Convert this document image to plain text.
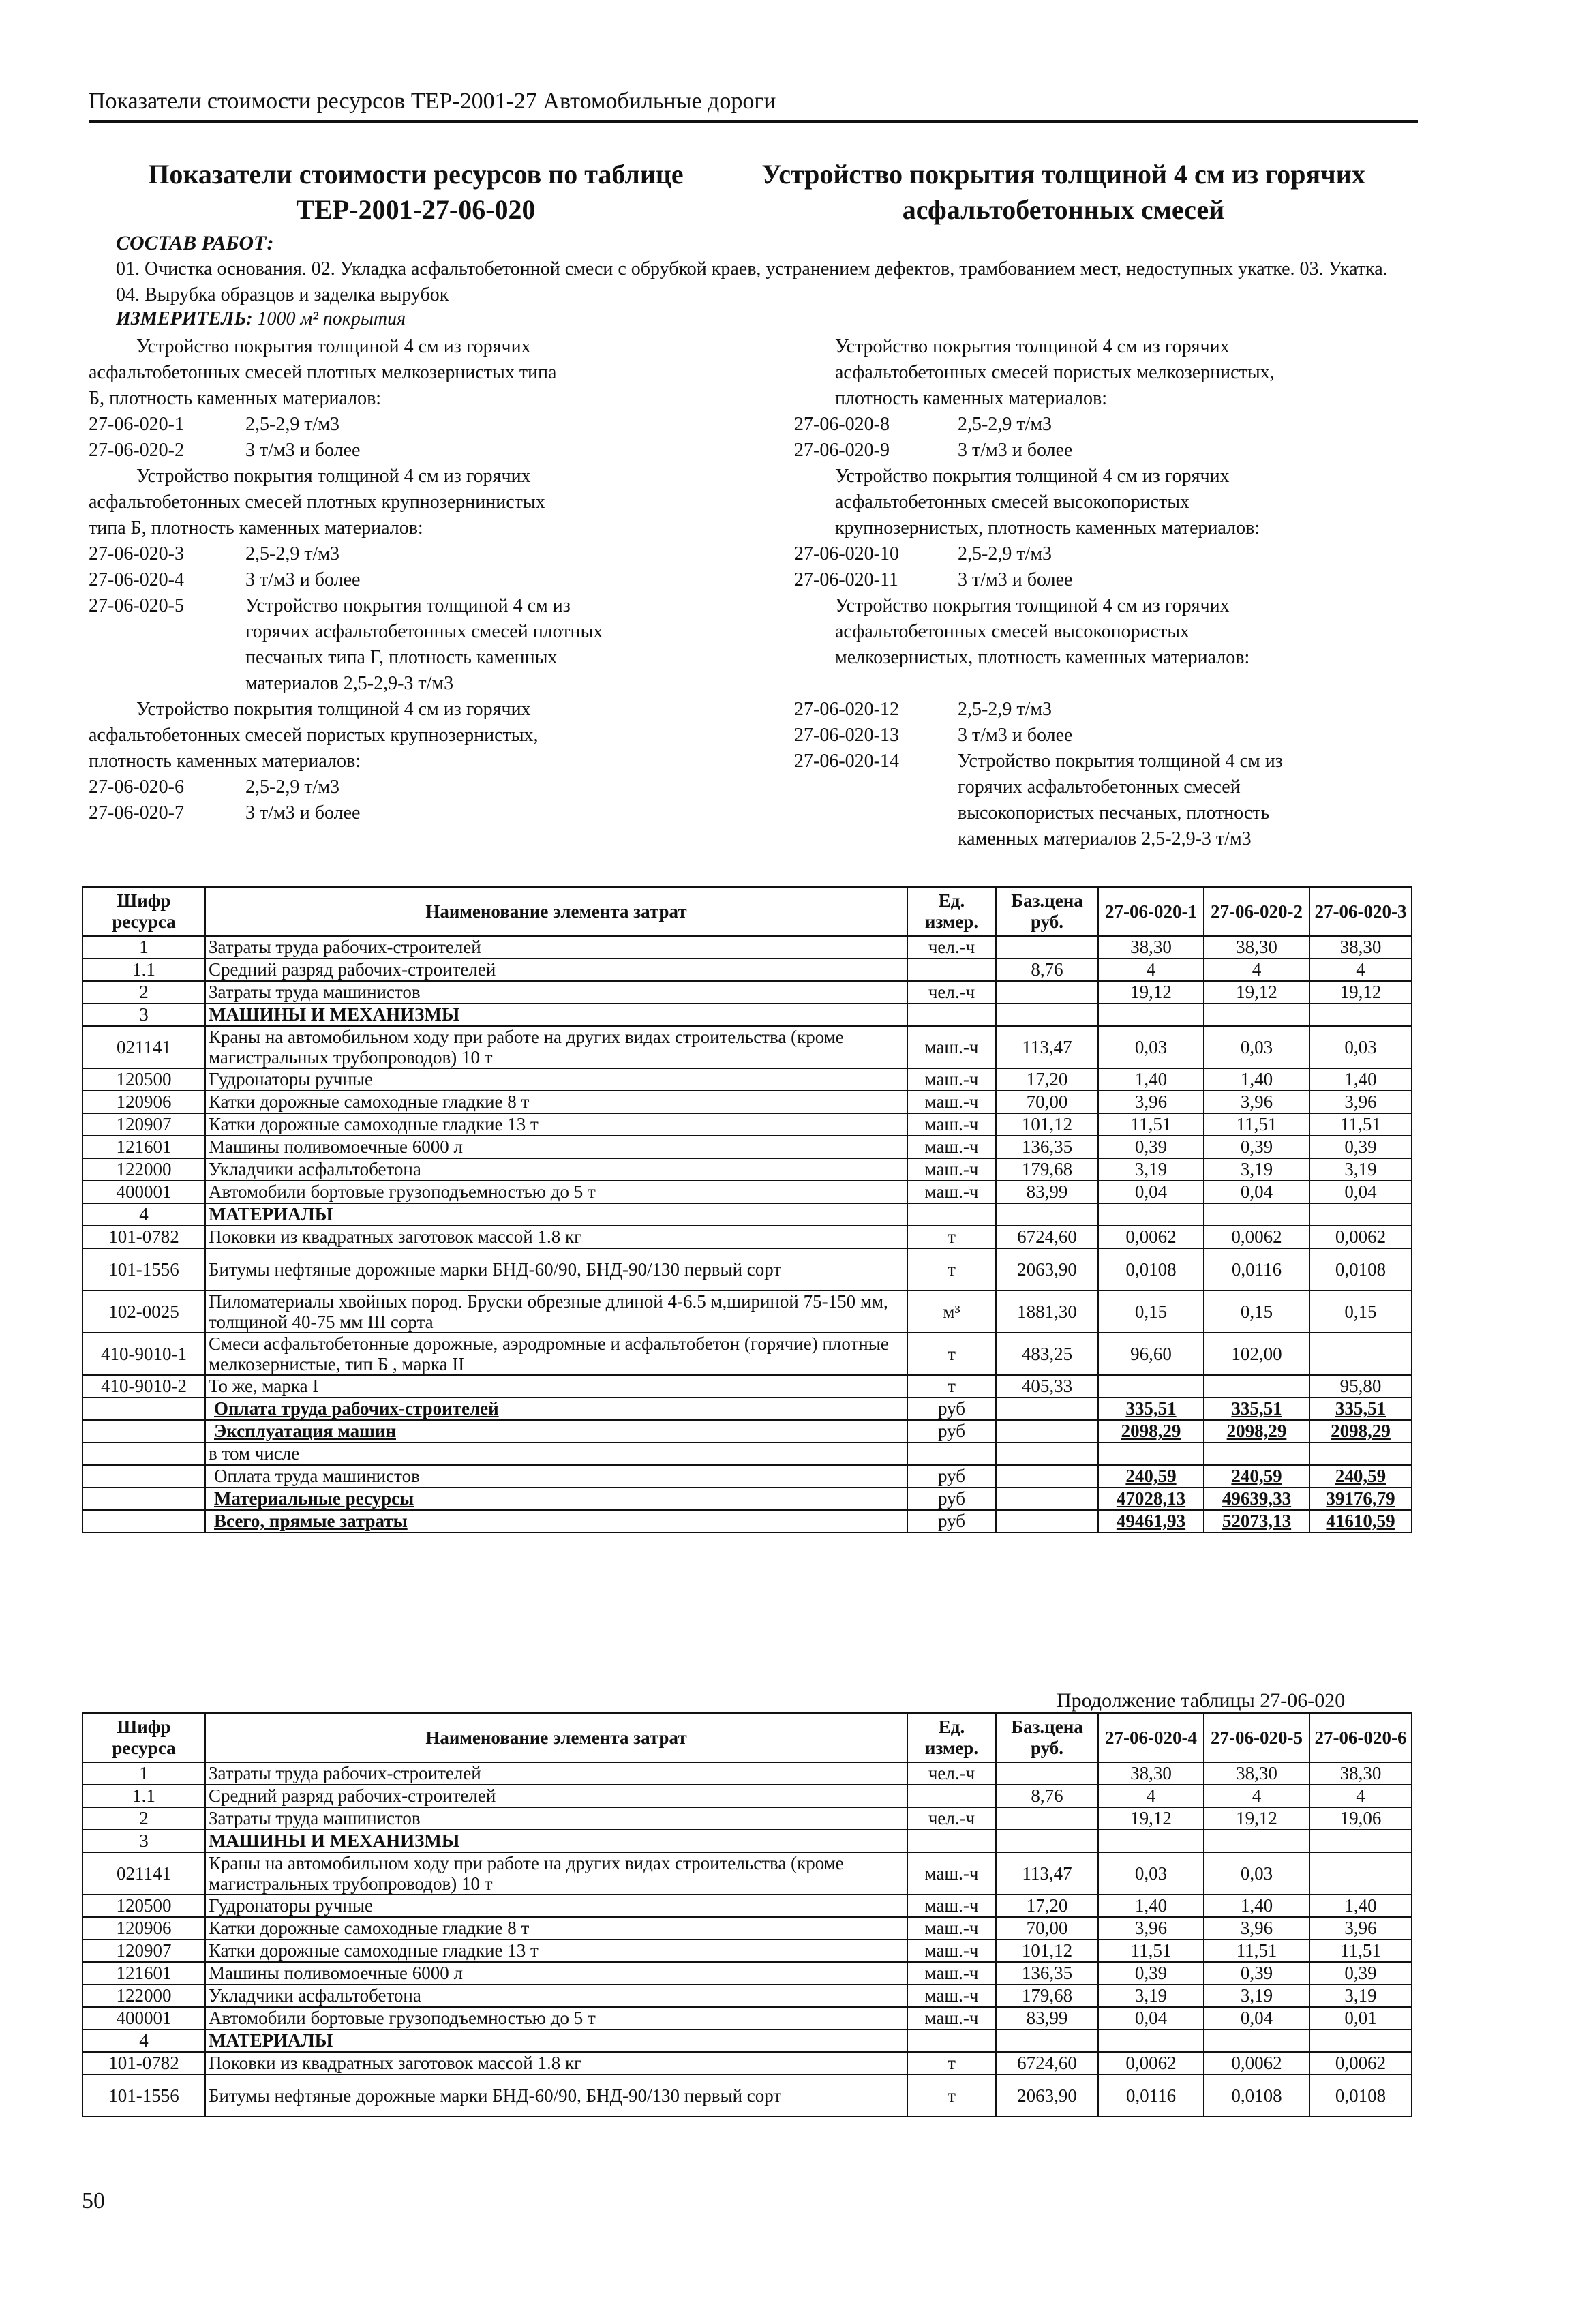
Показатели стоимости ресурсов ТЕР-2001-27 Автомобильные дороги
Показатели стоимости ресурсов по таблице ТЕР-2001-27-06-020
Устройство покрытия толщиной 4 см из горячих асфальтобетонных смесей
СОСТАВ РАБОТ:
01. Очистка основания. 02. Укладка асфальтобетонной смеси с обрубкой краев, устранением дефектов, трамбованием мест, недоступных укатке. 03. Укатка. 04. Вырубка образцов и заделка вырубок
ИЗМЕРИТЕЛЬ: 1000 м² покрытия
Устройство покрытия толщиной 4 см из горячих
асфальтобетонных смесей плотных мелкозернистых типа
Б, плотность каменных материалов:
27-06-020-1	2,5-2,9 т/м3
27-06-020-2	3 т/м3 и более
Устройство покрытия толщиной 4 см из горячих
асфальтобетонных смесей плотных крупнозернинистых
типа Б, плотность каменных материалов:
27-06-020-3	2,5-2,9 т/м3
27-06-020-4	3 т/м3 и более
27-06-020-5	Устройство покрытия толщиной 4 см из
горячих асфальтобетонных смесей плотных
песчаных типа Г, плотность каменных
материалов 2,5-2,9-3 т/м3
Устройство покрытия толщиной 4 см из горячих
асфальтобетонных смесей пористых крупнозернистых,
плотность каменных материалов:
27-06-020-6	2,5-2,9 т/м3
27-06-020-7	3 т/м3 и более
Устройство покрытия толщиной 4 см из горячих
асфальтобетонных смесей пористых мелкозернистых,
плотность каменных материалов:
27-06-020-8	2,5-2,9 т/м3
27-06-020-9	3 т/м3 и более
Устройство покрытия толщиной 4 см из горячих
асфальтобетонных смесей высокопористых
крупнозернистых, плотность каменных материалов:
27-06-020-10	2,5-2,9 т/м3
27-06-020-11	3 т/м3 и более
Устройство покрытия толщиной 4 см из горячих
асфальтобетонных смесей высокопористых
мелкозернистых, плотность каменных материалов:
27-06-020-12	2,5-2,9 т/м3
27-06-020-13	3 т/м3 и более
27-06-020-14	Устройство покрытия толщиной 4 см из
горячих асфальтобетонных смесей
высокопористых песчаных, плотность
каменных материалов 2,5-2,9-3 т/м3
Шифр ресурса	Наименование элемента затрат	Ед. измер.	Баз.цена руб.	27-06-020-1	27-06-020-2	27-06-020-3
1	Затраты труда рабочих-строителей	чел.-ч		38,30	38,30	38,30
1.1	Средний разряд рабочих-строителей		8,76	4	4	4
2	Затраты труда машинистов	чел.-ч		19,12	19,12	19,12
3	МАШИНЫ И МЕХАНИЗМЫ					
021141	Краны на автомобильном ходу при работе на других видах строительства (кроме магистральных трубопроводов) 10 т	маш.-ч	113,47	0,03	0,03	0,03
120500	Гудронаторы ручные	маш.-ч	17,20	1,40	1,40	1,40
120906	Катки дорожные самоходные гладкие 8 т	маш.-ч	70,00	3,96	3,96	3,96
120907	Катки дорожные самоходные гладкие 13 т	маш.-ч	101,12	11,51	11,51	11,51
121601	Машины поливомоечные 6000 л	маш.-ч	136,35	0,39	0,39	0,39
122000	Укладчики асфальтобетона	маш.-ч	179,68	3,19	3,19	3,19
400001	Автомобили бортовые грузоподъемностью до 5 т	маш.-ч	83,99	0,04	0,04	0,04
4	МАТЕРИАЛЫ					
101-0782	Поковки из квадратных заготовок массой 1.8 кг	т	6724,60	0,0062	0,0062	0,0062
101-1556	Битумы нефтяные дорожные марки БНД-60/90, БНД-90/130 первый сорт	т	2063,90	0,0108	0,0116	0,0108
102-0025	Пиломатериалы хвойных пород. Бруски обрезные длиной 4-6.5 м,шириной 75-150 мм, толщиной 40-75 мм III сорта	м³	1881,30	0,15	0,15	0,15
410-9010-1	Смеси асфальтобетонные дорожные, аэродромные и асфальтобетон (горячие) плотные мелкозернистые, тип Б , марка II	т	483,25	96,60	102,00	
410-9010-2	То же, марка I	т	405,33			95,80
	Оплата труда рабочих-строителей	руб		335,51	335,51	335,51
	Эксплуатация машин	руб		2098,29	2098,29	2098,29
	в том числе					
	Оплата труда машинистов	руб		240,59	240,59	240,59
	Материальные ресурсы	руб		47028,13	49639,33	39176,79
	Всего, прямые затраты	руб		49461,93	52073,13	41610,59
Продолжение таблицы 27-06-020
Шифр ресурса	Наименование элемента затрат	Ед. измер.	Баз.цена руб.	27-06-020-4	27-06-020-5	27-06-020-6
1	Затраты труда рабочих-строителей	чел.-ч		38,30	38,30	38,30
1.1	Средний разряд рабочих-строителей		8,76	4	4	4
2	Затраты труда машинистов	чел.-ч		19,12	19,12	19,06
3	МАШИНЫ И МЕХАНИЗМЫ					
021141	Краны на автомобильном ходу при работе на других видах строительства (кроме магистральных трубопроводов) 10 т	маш.-ч	113,47	0,03	0,03	
120500	Гудронаторы ручные	маш.-ч	17,20	1,40	1,40	1,40
120906	Катки дорожные самоходные гладкие 8 т	маш.-ч	70,00	3,96	3,96	3,96
120907	Катки дорожные самоходные гладкие 13 т	маш.-ч	101,12	11,51	11,51	11,51
121601	Машины поливомоечные 6000 л	маш.-ч	136,35	0,39	0,39	0,39
122000	Укладчики асфальтобетона	маш.-ч	179,68	3,19	3,19	3,19
400001	Автомобили бортовые грузоподъемностью до 5 т	маш.-ч	83,99	0,04	0,04	0,01
4	МАТЕРИАЛЫ					
101-0782	Поковки из квадратных заготовок массой 1.8 кг	т	6724,60	0,0062	0,0062	0,0062
101-1556	Битумы нефтяные дорожные марки БНД-60/90, БНД-90/130 первый сорт	т	2063,90	0,0116	0,0108	0,0108
50
